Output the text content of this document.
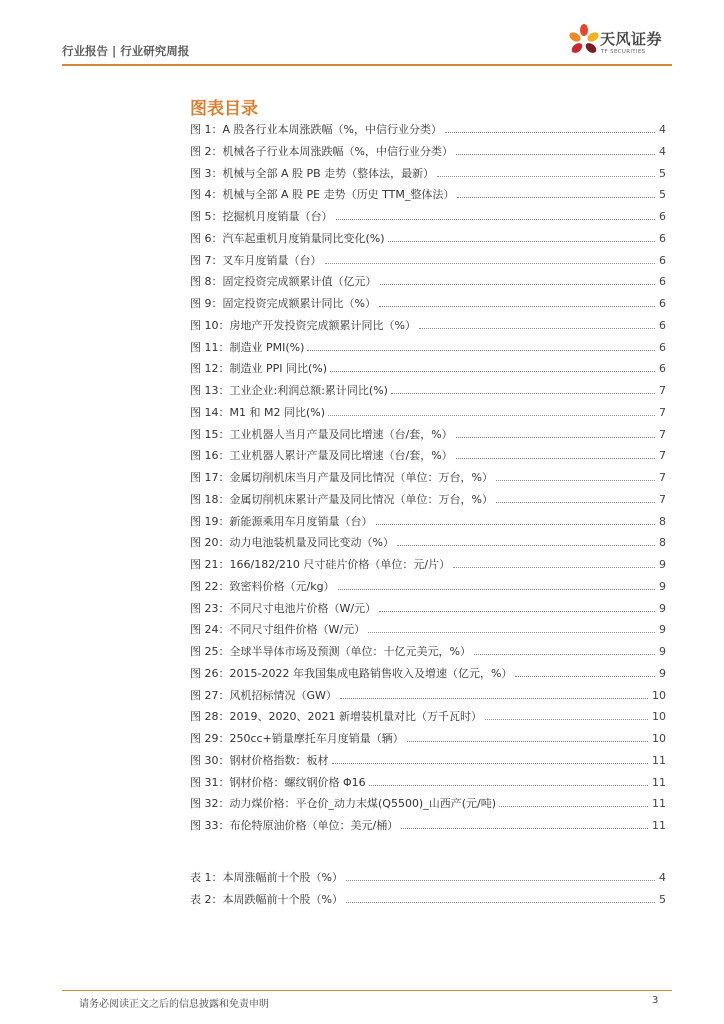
行业报告 | 行业研究周报
天风证券
TF SECURITIES
图表目录
图 1：A 股各行业本周涨跌幅（%，中信行业分类）	4
图 2：机械各子行业本周涨跌幅（%，中信行业分类）	4
图 3：机械与全部 A 股 PB 走势（整体法，最新）	5
图 4：机械与全部 A 股 PE 走势（历史 TTM_整体法）	5
图 5：挖掘机月度销量（台）	6
图 6：汽车起重机月度销量同比变化(%)	6
图 7：叉车月度销量（台）	6
图 8：固定投资完成额累计值（亿元）	6
图 9：固定投资完成额累计同比（%）	6
图 10：房地产开发投资完成额累计同比（%）	6
图 11：制造业 PMI(%)	6
图 12：制造业 PPI 同比(%)	6
图 13：工业企业:利润总额:累计同比(%)	7
图 14：M1 和 M2 同比(%)	7
图 15：工业机器人当月产量及同比增速（台/套，%）	7
图 16：工业机器人累计产量及同比增速（台/套，%）	7
图 17：金属切削机床当月产量及同比情况（单位：万台，%）	7
图 18：金属切削机床累计产量及同比情况（单位：万台，%）	7
图 19：新能源乘用车月度销量（台）	8
图 20：动力电池装机量及同比变动（%）	8
图 21：166/182/210 尺寸硅片价格（单位：元/片）	9
图 22：致密料价格（元/kg）	9
图 23：不同尺寸电池片价格（W/元）	9
图 24：不同尺寸组件价格（W/元）	9
图 25：全球半导体市场及预测（单位：十亿元美元，%）	9
图 26：2015-2022 年我国集成电路销售收入及增速（亿元，%）	9
图 27：风机招标情况（GW）	10
图 28：2019、2020、2021 新增装机量对比（万千瓦时）	10
图 29：250cc+销量摩托车月度销量（辆）	10
图 30：钢材价格指数：板材	11
图 31：钢材价格：螺纹钢价格 Φ16	11
图 32：动力煤价格：平仓价_动力末煤(Q5500)_山西产(元/吨)	11
图 33：布伦特原油价格（单位：美元/桶）	11
表 1：本周涨幅前十个股（%）	4
表 2：本周跌幅前十个股（%）	5
请务必阅读正文之后的信息披露和免责申明	3
